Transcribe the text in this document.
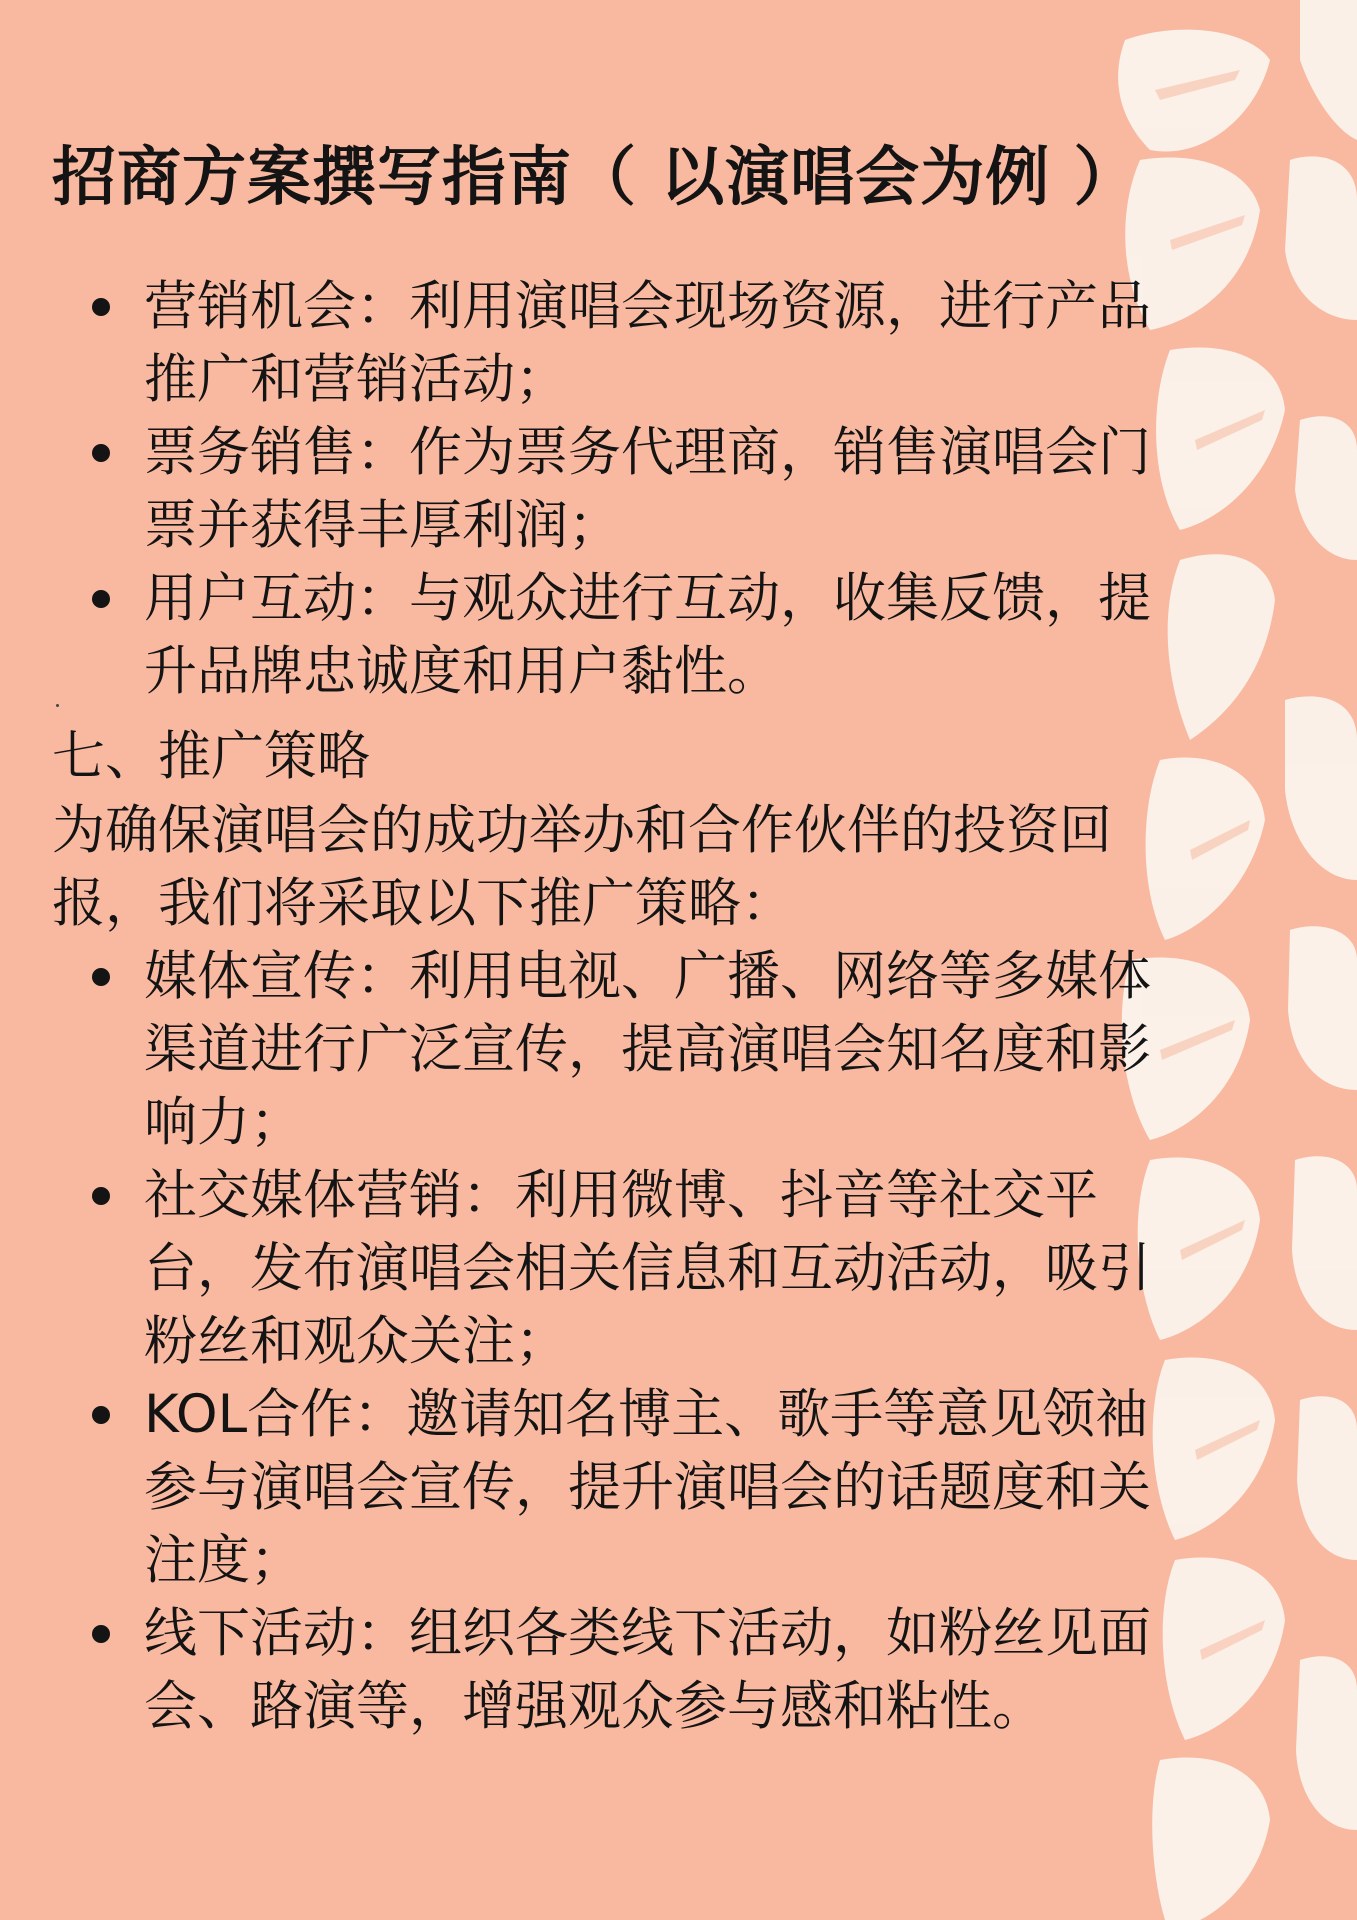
招商方案撰写指南（ 以演唱会为例 ）
营销机会：利用演唱会现场资源，进行产品推广和营销活动；
票务销售：作为票务代理商，销售演唱会门票并获得丰厚利润；
用户互动：与观众进行互动，收集反馈，提升品牌忠诚度和用户黏性。

七、推广策略

为确保演唱会的成功举办和合作伙伴的投资回报，我们将采取以下推广策略：

媒体宣传：利用电视、广播、网络等多媒体渠道进行广泛宣传，提高演唱会知名度和影响力；
社交媒体营销：利用微博、抖音等社交平台，发布演唱会相关信息和互动活动，吸引粉丝和观众关注；
KOL合作：邀请知名博主、歌手等意见领袖参与演唱会宣传，提升演唱会的话题度和关注度；
线下活动：组织各类线下活动，如粉丝见面会、路演等，增强观众参与感和粘性。
